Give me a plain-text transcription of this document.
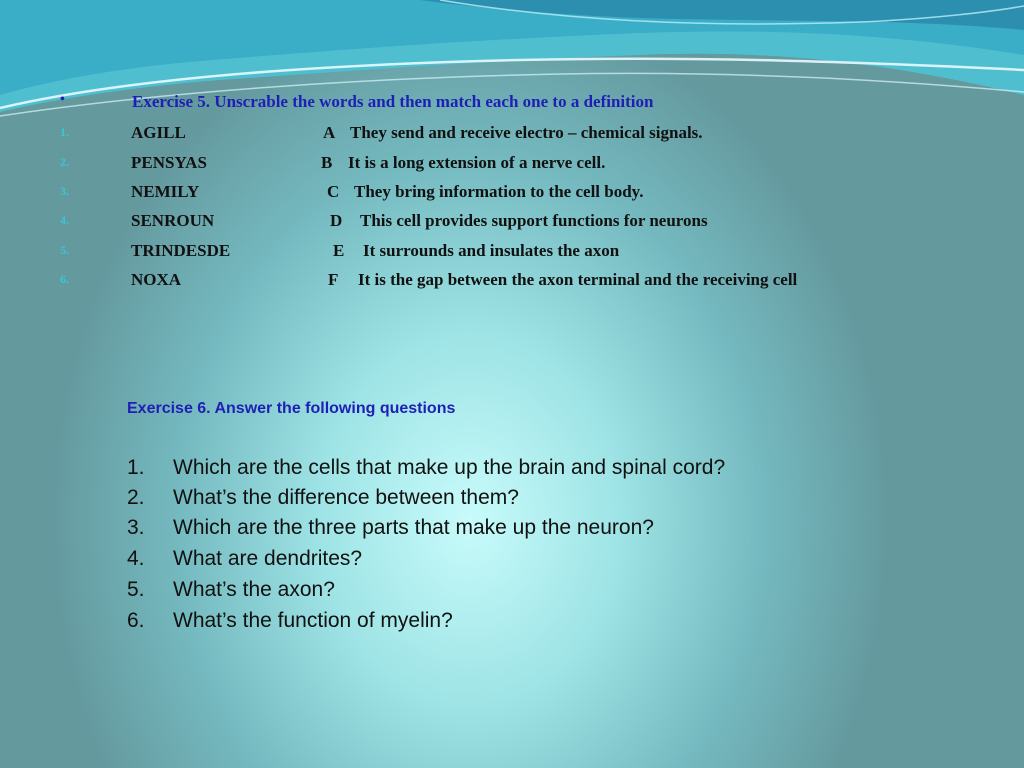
•	Exercise 5. Unscrable the words and then match each one to a definition
1.	AGILL	A They send and receive electro – chemical signals.
2.	PENSYAS	B It is a long extension of a nerve cell.
3.	NEMILY	C They bring information to the cell body.
4.	SENROUN	D This cell provides support functions for neurons
5.	TRINDESDE	E It surrounds and insulates the axon
6.	NOXA	F It is the gap between the axon terminal and the receiving cell
Exercise 6. Answer the following questions
1. Which are the cells that make up the brain and spinal cord?
2. What’s the difference between them?
3. Which are the three parts that make up the neuron?
4. What are dendrites?
5. What’s the axon?
6. What’s the function of myelin?
